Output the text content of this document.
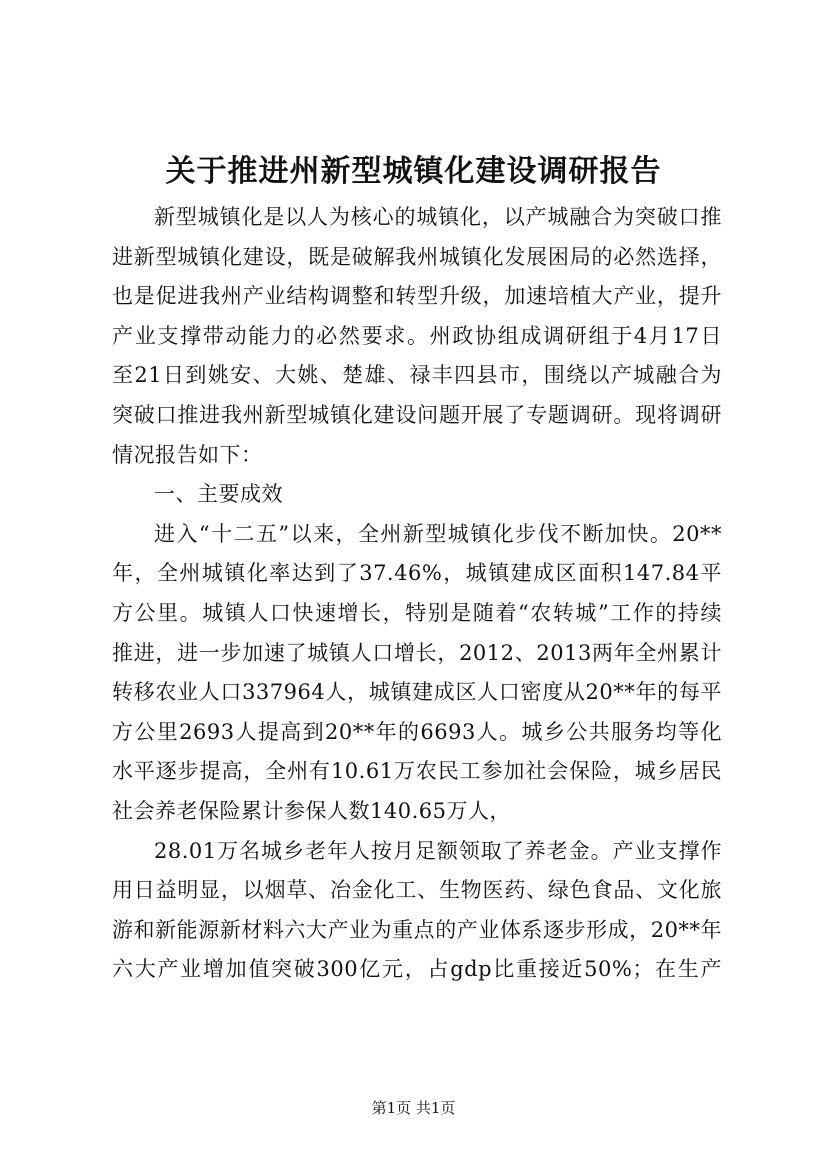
关于推进州新型城镇化建设调研报告
新型城镇化是以人为核心的城镇化，以产城融合为突破口推
进新型城镇化建设，既是破解我州城镇化发展困局的必然选择，
也是促进我州产业结构调整和转型升级，加速培植大产业，提升
产业支撑带动能力的必然要求。州政协组成调研组于4月17日
至21日到姚安、大姚、楚雄、禄丰四县市，围绕以产城融合为
突破口推进我州新型城镇化建设问题开展了专题调研。现将调研
情况报告如下：
一、主要成效
进入“十二五”以来，全州新型城镇化步伐不断加快。20**
年，全州城镇化率达到了37.46%，城镇建成区面积147.84平
方公里。城镇人口快速增长，特别是随着“农转城”工作的持续
推进，进一步加速了城镇人口增长，2012、2013两年全州累计
转移农业人口337964人，城镇建成区人口密度从20**年的每平
方公里2693人提高到20**年的6693人。城乡公共服务均等化
水平逐步提高，全州有10.61万农民工参加社会保险，城乡居民
社会养老保险累计参保人数140.65万人，
28.01万名城乡老年人按月足额领取了养老金。产业支撑作
用日益明显，以烟草、冶金化工、生物医药、绿色食品、文化旅
游和新能源新材料六大产业为重点的产业体系逐步形成，20**年
六大产业增加值突破300亿元，占gdp比重接近50%；在生产
第1页 共1页
